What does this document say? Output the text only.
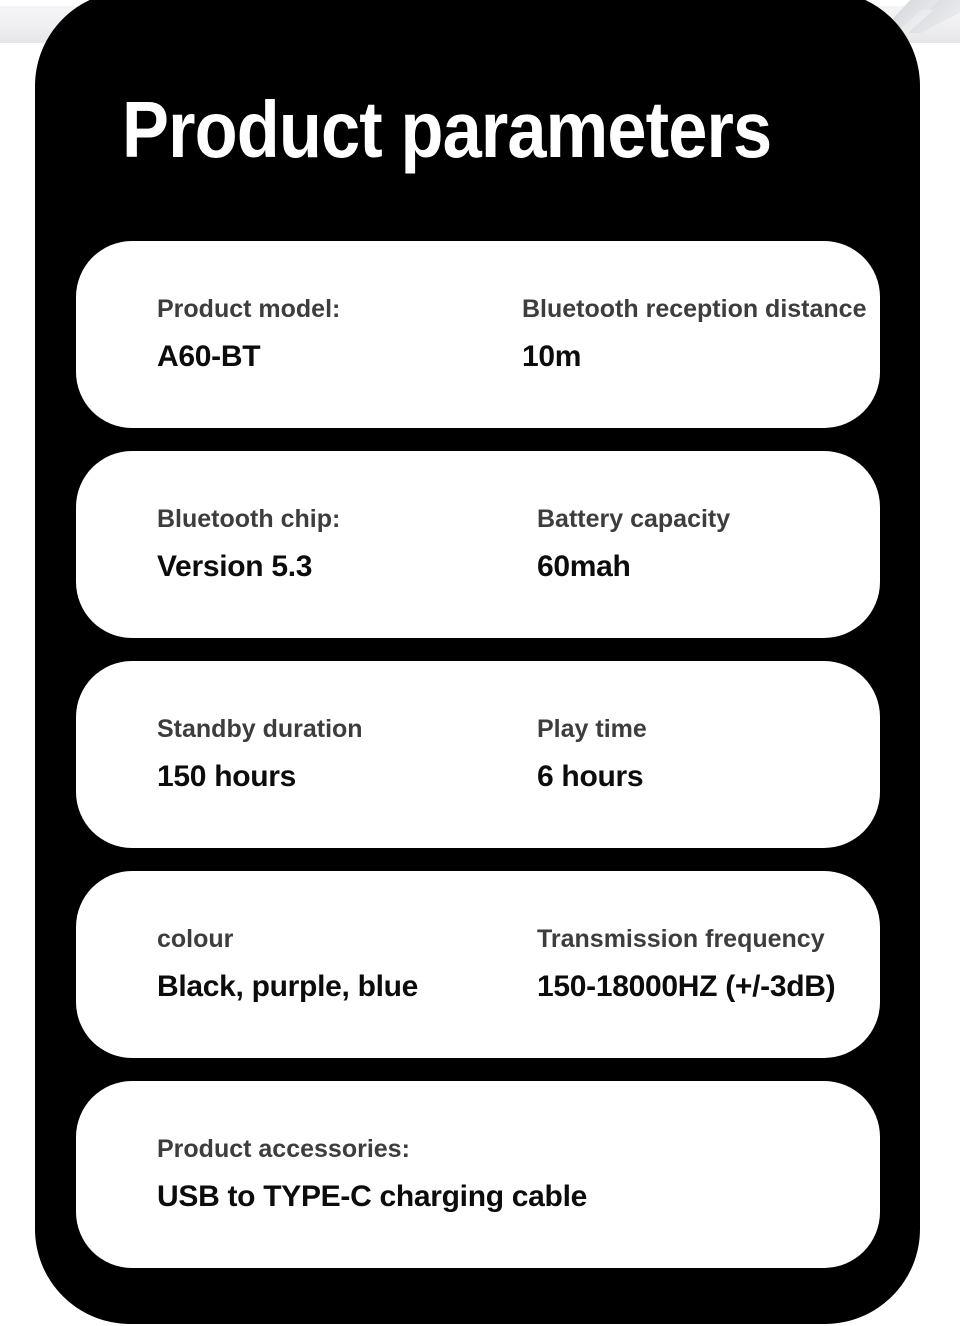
Product parameters
Product model:
A60-BT
Bluetooth reception distance
10m
Bluetooth chip:
Version 5.3
Battery capacity
60mah
Standby duration
150 hours
Play time
6 hours
colour
Black, purple, blue
Transmission frequency
150-18000HZ (+/-3dB)
Product accessories:
USB to TYPE-C charging cable
